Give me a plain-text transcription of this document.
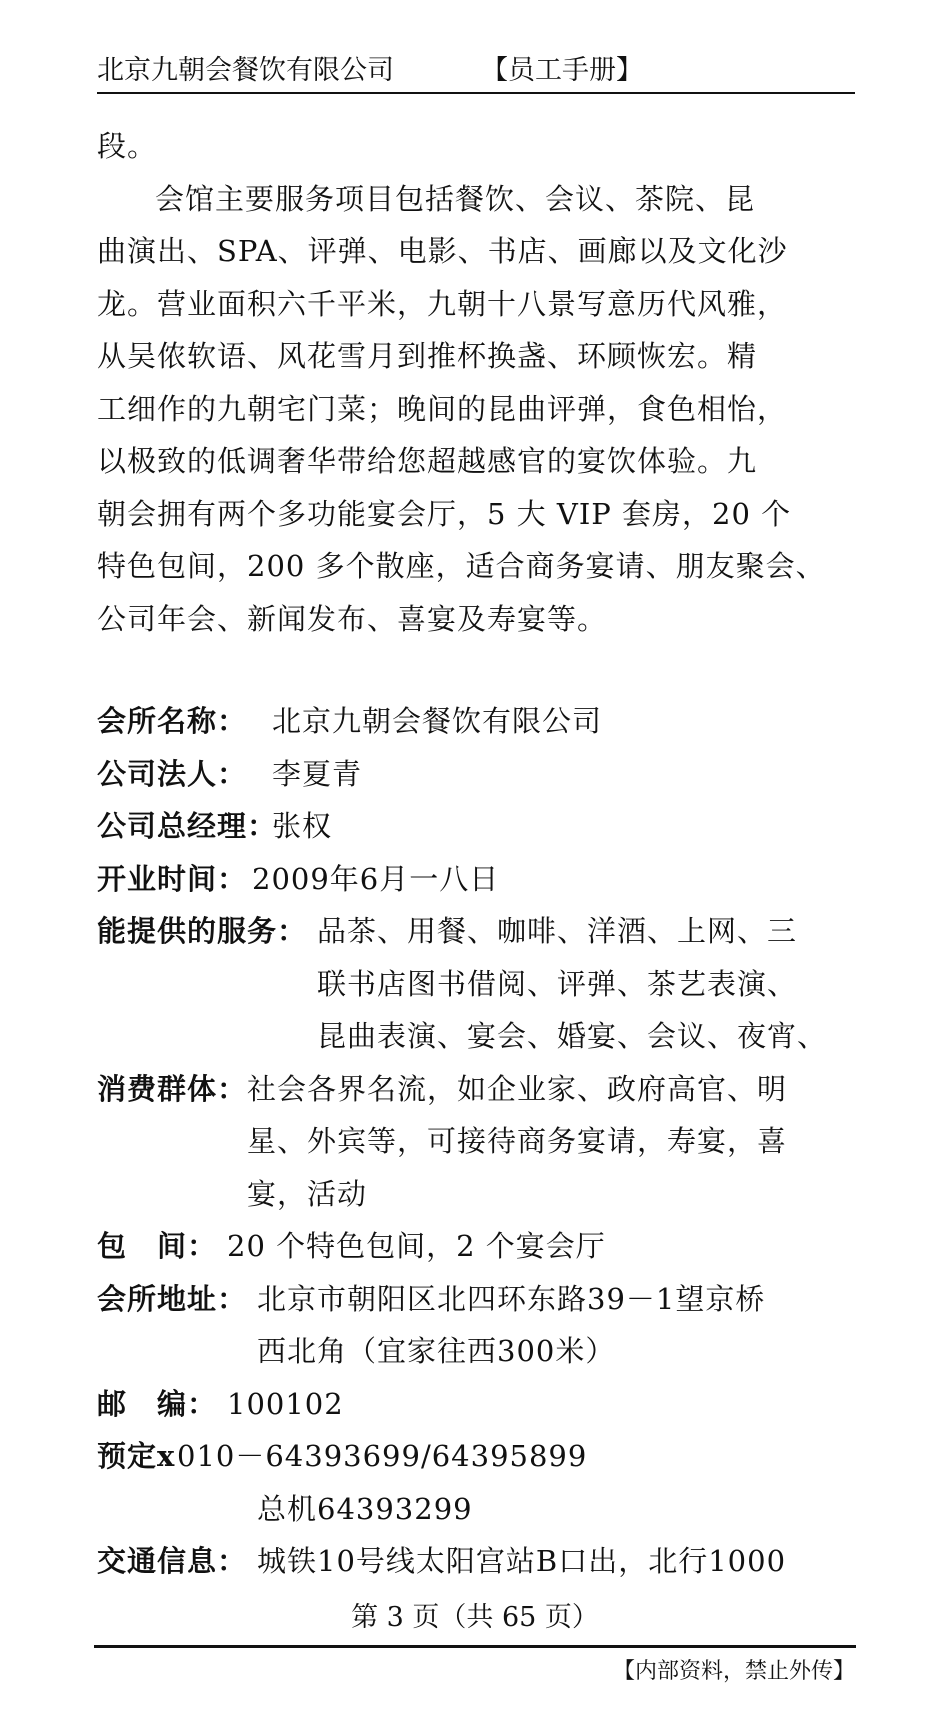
北京九朝会餐饮有限公司	【员工手册】

段。

会馆主要服务项目包括餐饮、会议、茶院、昆

曲演出、SPA、评弹、电影、书店、画廊以及文化沙

龙。营业面积六千平米，九朝十八景写意历代风雅，

从吴侬软语、风花雪月到推杯换盏、环顾恢宏。精

工细作的九朝宅门菜；晚间的昆曲评弹，食色相怡，

以极致的低调奢华带给您超越感官的宴饮体验。九

朝会拥有两个多功能宴会厅，5 大 VIP 套房，20 个

特色包间，200 多个散座，适合商务宴请、朋友聚会、

公司年会、新闻发布、喜宴及寿宴等。

会所名称： 北京九朝会餐饮有限公司
公司法人： 李夏青
公司总经理：
张权
开业时间： 2009年6月一八日
能提供的服务： 品茶、用餐、咖啡、洋酒、上网、三
联书店图书借阅、评弹、茶艺表演、
昆曲表演、宴会、婚宴、会议、夜宵、
消费群体： 社会各界名流，如企业家、政府高官、明
星、外宾等，可接待商务宴请，寿宴，喜
宴，活动
包　间： 20 个特色包间，2 个宴会厅
会所地址： 北京市朝阳区北四环东路39－1望京桥
西北角（宜家往西300米）
邮　编： 100102
预定x 010－64393699/64395899
总机64393299
交通信息： 城铁10号线太阳宫站B口出，北行1000
第 3 页（共 65 页）
【内部资料，禁止外传】
